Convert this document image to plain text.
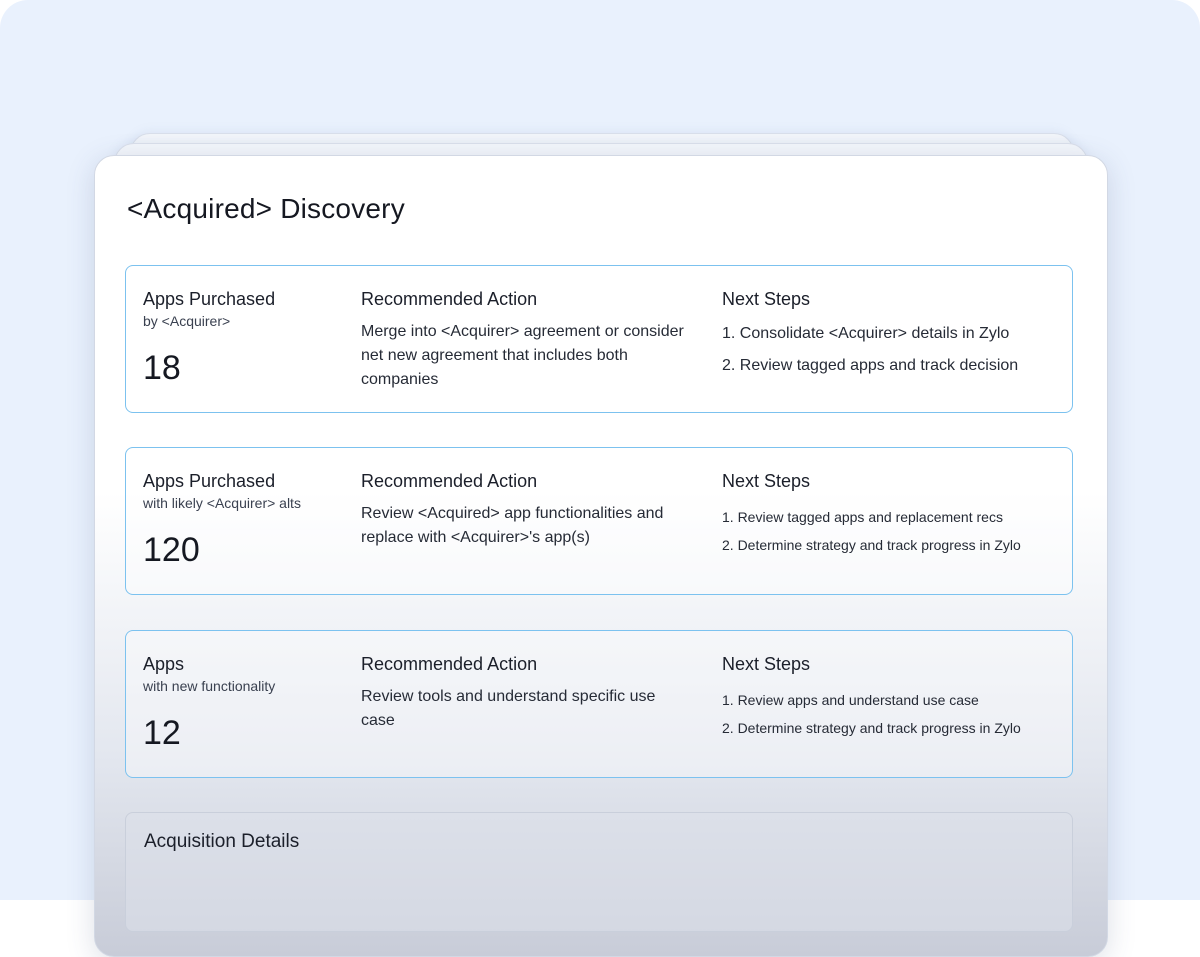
<Acquired> Discovery
Apps Purchased
by <Acquirer>
18
Recommended Action
Merge into <Acquirer> agreement or consider net new agreement that includes both companies
Next Steps
1. Consolidate <Acquirer> details in Zylo
2. Review tagged apps and track decision
Apps Purchased
with likely <Acquirer> alts
120
Recommended Action
Review <Acquired> app functionalities and replace with <Acquirer>'s app(s)
Next Steps
1. Review tagged apps and replacement recs
2. Determine strategy and track progress in Zylo
Apps
with new functionality
12
Recommended Action
Review tools and understand specific use case
Next Steps
1. Review apps and understand use case
2. Determine strategy and track progress in Zylo
Acquisition Details
